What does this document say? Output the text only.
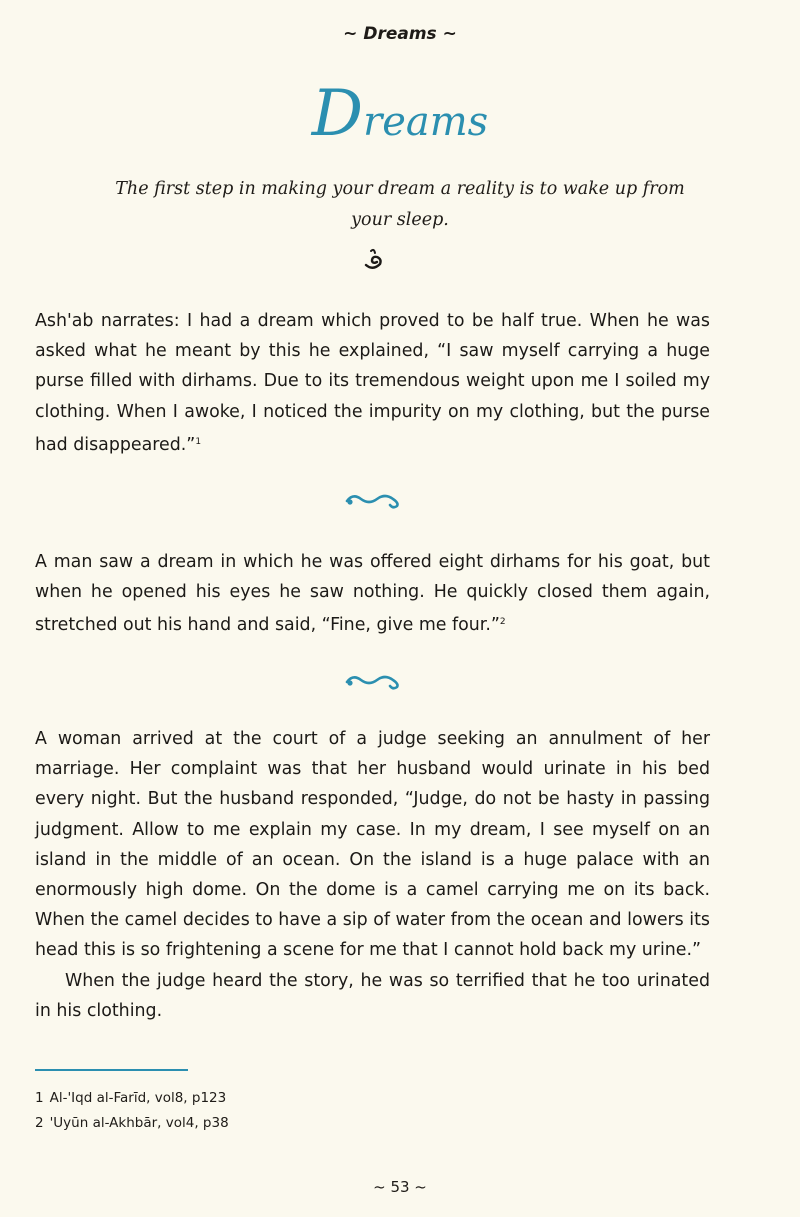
~ Dreams ~
Dreams
The first step in making your dream a reality is to wake up from
your sleep.

Ash'ab narrates: I had a dream which proved to be half true. When he was asked what he meant by this he explained, “I saw myself carrying a huge purse filled with dirhams. Due to its tremendous weight upon me I soiled my clothing. When I awoke, I noticed the impurity on my clothing, but the purse had disappeared.”$^1$

A man saw a dream in which he was offered eight dirhams for his goat, but when he opened his eyes he saw nothing. He quickly closed them again, stretched out his hand and said, “Fine, give me four.”$^2$

A woman arrived at the court of a judge seeking an annulment of her marriage. Her complaint was that her husband would urinate in his bed every night. But the husband responded, “Judge, do not be hasty in passing judgment. Allow to me explain my case. In my dream, I see myself on an island in the middle of an ocean. On the island is a huge palace with an enormously high dome. On the dome is a camel carrying me on its back. When the camel decides to have a sip of water from the ocean and lowers its head this is so frightening a scene for me that I cannot hold back my urine.”

When the judge heard the story, he was so terrified that he too urinated in his clothing.

1 Al-'Iqd al-Farīd, vol8, p123
2 'Uyūn al-Akhbār, vol4, p38
~ 53 ~
